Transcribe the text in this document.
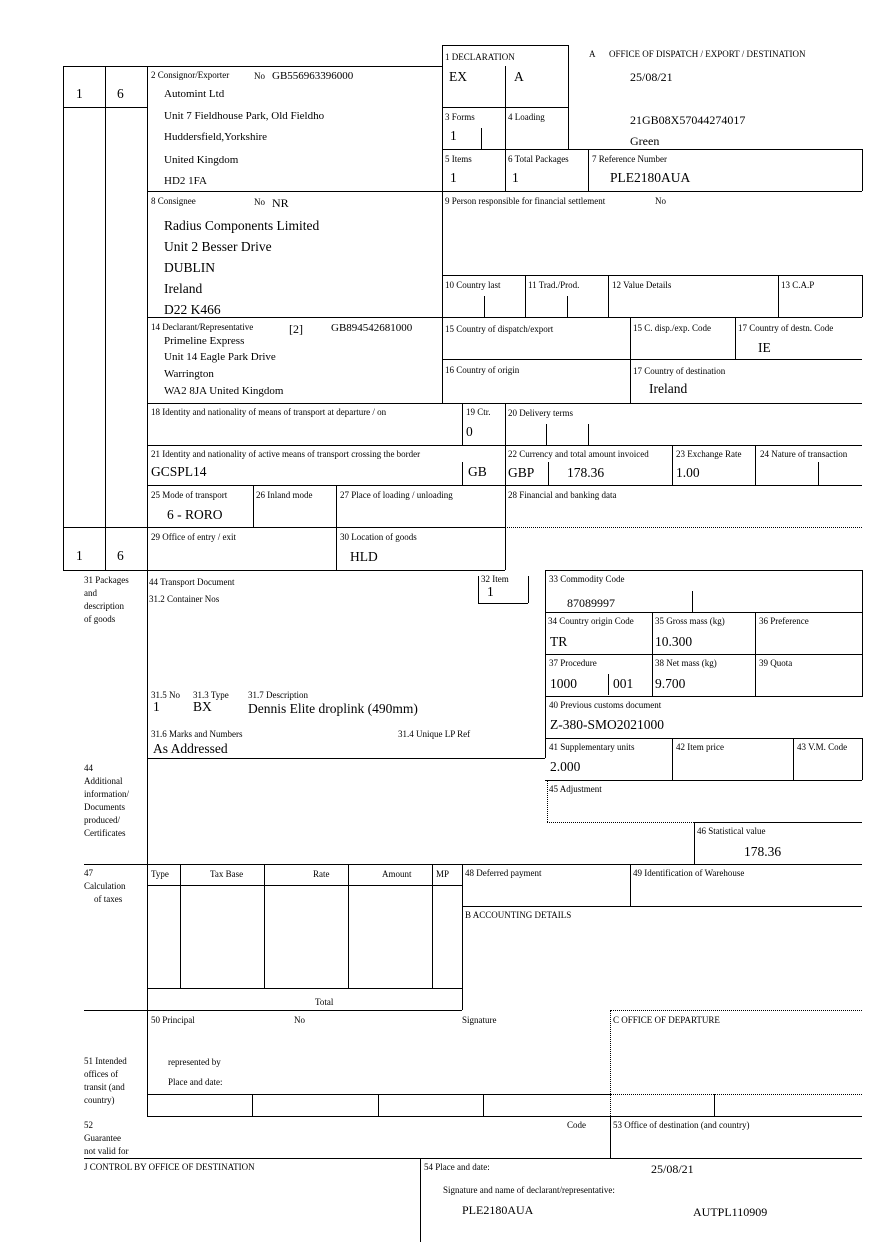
1 DECLARATION
EX	A
A OFFICE OF DISPATCH / EXPORT / DESTINATION
25/08/21
21GB08X57044274017
Green
1	6
1	6
2 Consignor/Exporter	No GB556963396000
Automint Ltd
Unit 7 Fieldhouse Park, Old Fieldho
Huddersfield,Yorkshire
United Kingdom
HD2 1FA
3 Forms
1
4 Loading
5 Items
1
6 Total Packages
1
7 Reference Number
PLE2180AUA
8 Consignee	No NR
Radius Components Limited
Unit 2 Besser Drive
DUBLIN
Ireland
D22 K466
9 Person responsible for financial settlement	No
10 Country last	11 Trad./Prod.	12 Value Details	13 C.A.P
14 Declarant/Representative	[2]	GB894542681000
Primeline Express
Unit 14 Eagle Park Drive
Warrington
WA2 8JA United Kingdom
15 Country of dispatch/export	15 C. disp./exp. Code	17 Country of destn. Code
IE
16 Country of origin	17 Country of destination
Ireland
18 Identity and nationality of means of transport at departure / on	19 Ctr.
0
20 Delivery terms
21 Identity and nationality of active means of transport crossing the border
GCSPL14	GB
22 Currency and total amount invoiced
GBP 178.36
23 Exchange Rate
1.00
24 Nature of transaction
25 Mode of transport
6 - RORO
26 Inland mode	27 Place of loading / unloading	28 Financial and banking data
29 Office of entry / exit	30 Location of goods
HLD
31 Packages
and
description
of goods
44 Transport Document
31.2 Container Nos
31.5 No
1
31.3 Type
BX
31.7 Description
Dennis Elite droplink (490mm)
31.6 Marks and Numbers
As Addressed
31.4 Unique LP Ref
32 Item
1
33 Commodity Code
87089997
34 Country origin Code
TR
35 Gross mass (kg)
10.300
36 Preference
37 Procedure
1000	001
38 Net mass (kg)
9.700
39 Quota
40 Previous customs document
Z-380-SMO2021000
41 Supplementary units
2.000
42 Item price	43 V.M. Code
44
Additional
information/
Documents
produced/
Certificates
45 Adjustment
46 Statistical value
178.36
47
Calculation
of taxes
Type	Tax Base	Rate	Amount	MP
Total
48 Deferred payment	49 Identification of Warehouse
B ACCOUNTING DETAILS
50 Principal	No	Signature
represented by
Place and date:
C OFFICE OF DEPARTURE
51 Intended
offices of
transit (and
country)
52
Guarantee
not valid for
Code	53 Office of destination (and country)
J CONTROL BY OFFICE OF DESTINATION	54 Place and date:	25/08/21
Signature and name of declarant/representative:
PLE2180AUA	AUTPL110909
